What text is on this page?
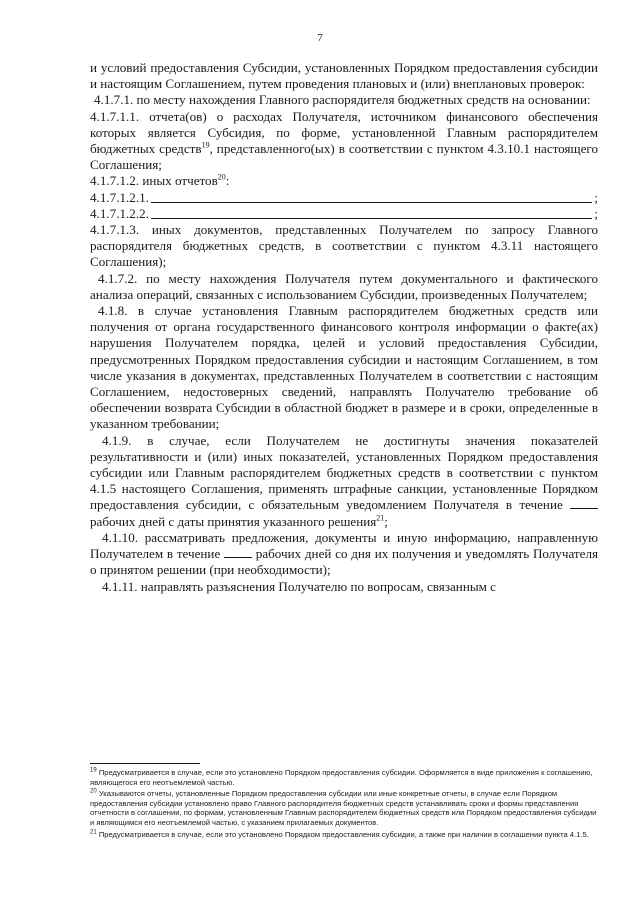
7

и условий предоставления Субсидии, установленных Порядком предоставления субсидии и настоящим Соглашением, путем проведения плановых и (или) внеплановых проверок:

4.1.7.1. по месту нахождения Главного распорядителя бюджетных средств на основании:

4.1.7.1.1. отчета(ов) о расходах Получателя, источником финансового обеспечения которых является Субсидия, по форме, установленной Главным распорядителем бюджетных средств$^{19}$, представленного(ых) в соответствии с пунктом 4.3.10.1 настоящего Соглашения;

4.1.7.1.2. иных отчетов$^{20}$:

4.1.7.1.2.1.	;
4.1.7.1.2.2.	;

4.1.7.1.3. иных документов, представленных Получателем по запросу Главного распорядителя бюджетных средств, в соответствии с пунктом 4.3.11 настоящего Соглашения);

4.1.7.2. по месту нахождения Получателя путем документального и фактического анализа операций, связанных с использованием Субсидии, произведенных Получателем;

4.1.8. в случае установления Главным распорядителем бюджетных средств или получения от органа государственного финансового контроля информации о факте(ах) нарушения Получателем порядка, целей и условий предоставления Субсидии, предусмотренных Порядком предоставления субсидии и настоящим Соглашением, в том числе указания в документах, представленных Получателем в соответствии с настоящим Соглашением, недостоверных сведений, направлять Получателю требование об обеспечении возврата Субсидии в областной бюджет в размере и в сроки, определенные в указанном требовании;

4.1.9. в случае, если Получателем не достигнуты значения показателей результативности и (или) иных показателей, установленных Порядком предоставления субсидии или Главным распорядителем бюджетных средств в соответствии с пунктом 4.1.5 настоящего Соглашения, применять штрафные санкции, установленные Порядком предоставления субсидии, с обязательным уведомлением Получателя в течение  рабочих дней с даты принятия указанного решения$^{21}$;

4.1.10. рассматривать предложения, документы и иную информацию, направленную Получателем в течение	рабочих дней со дня их получения и уведомлять Получателя о принятом решении (при необходимости);

4.1.11. направлять разъяснения Получателю по вопросам, связанным с

$^{19}$ Предусматривается в случае, если это установлено Порядком предоставления субсидии. Оформляется в виде приложения к соглашению, являющегося его неотъемлемой частью.

$^{20}$ Указываются отчеты, установленные Порядком предоставления субсидии или иные конкретные отчеты, в случае если Порядком предоставления субсидии установлено право Главного распорядителя бюджетных средств устанавливать сроки и формы представления отчетности в соглашении, по формам, установленным Главным распорядителем бюджетных средств или Порядком предоставления субсидии и являющимся его неотъемлемой частью, с указанием прилагаемых документов.

$^{21}$ Предусматривается в случае, если это установлено Порядком предоставления субсидии, а также при наличии в соглашении пункта 4.1.5.
